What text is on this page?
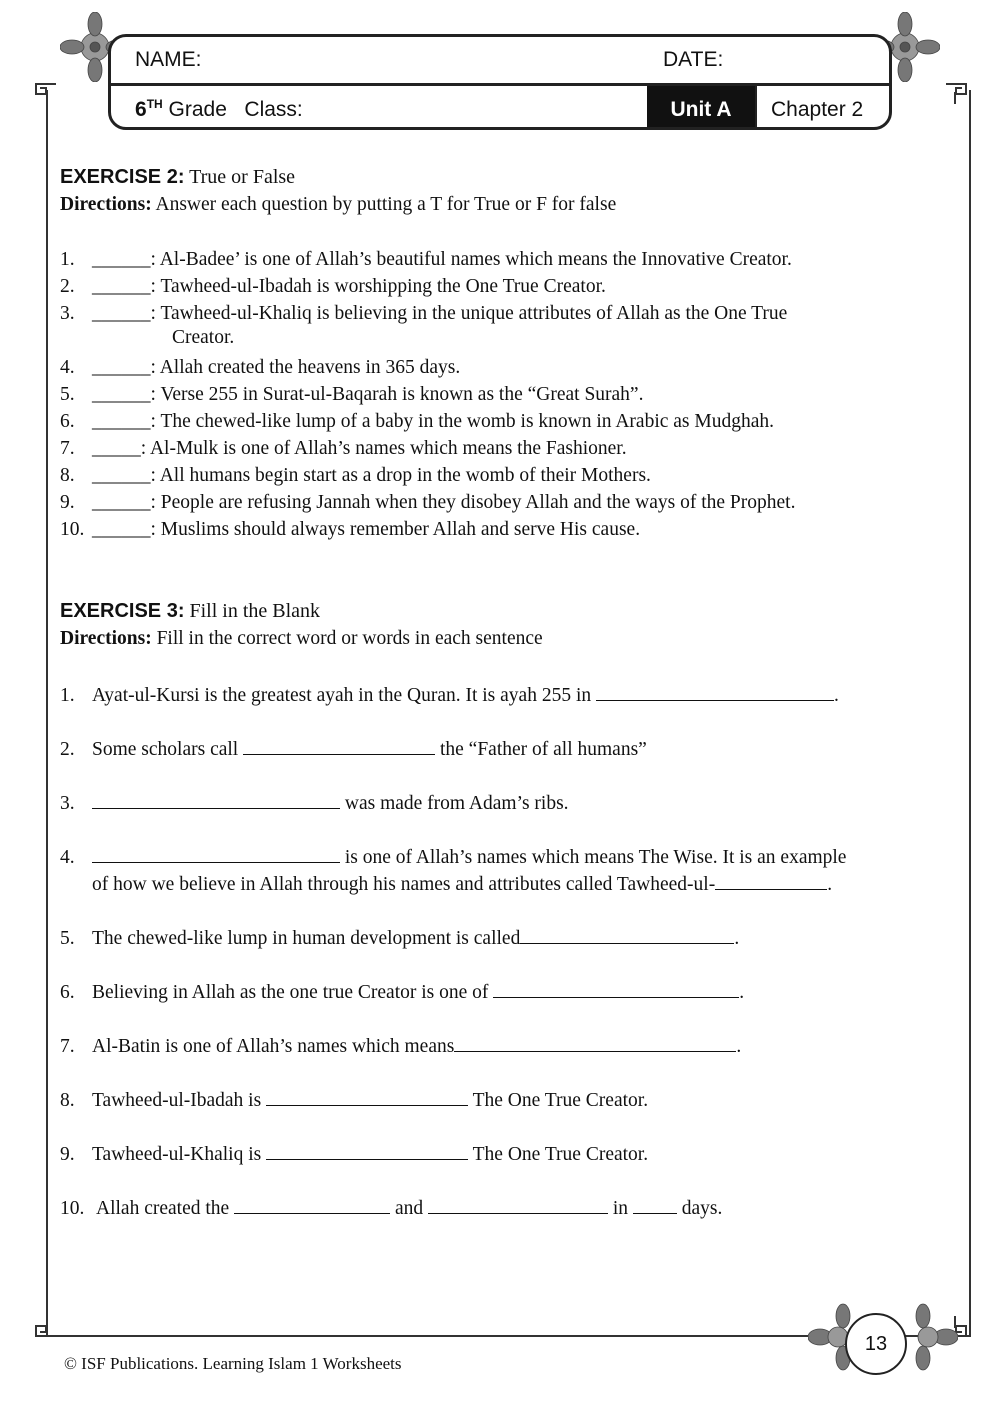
NAME:	DATE:
6TH Grade Class:	Unit A	Chapter 2
EXERCISE 2: True or False
Directions: Answer each question by putting a T for True or F for false
1. ______: Al-Badee’ is one of Allah’s beautiful names which means the Innovative Creator.
2. ______: Tawheed-ul-Ibadah is worshipping the One True Creator.
3. ______: Tawheed-ul-Khaliq is believing in the unique attributes of Allah as the One True
Creator.
4. ______: Allah created the heavens in 365 days.
5. ______: Verse 255 in Surat-ul-Baqarah is known as the “Great Surah”.
6. ______: The chewed-like lump of a baby in the womb is known in Arabic as Mudghah.
7. _____: Al-Mulk is one of Allah’s names which means the Fashioner.
8. ______: All humans begin start as a drop in the womb of their Mothers.
9. ______: People are refusing Jannah when they disobey Allah and the ways of the Prophet.
10. ______: Muslims should always remember Allah and serve His cause.
EXERCISE 3: Fill in the Blank
Directions: Fill in the correct word or words in each sentence
1. Ayat-ul-Kursi is the greatest ayah in the Quran. It is ayah 255 in	.
2. Some scholars call	the “Father of all humans”
3.	was made from Adam’s ribs.
4.	is one of Allah’s names which means The Wise. It is an example
of how we believe in Allah through his names and attributes called Tawheed-ul-	.
5. The chewed-like lump in human development is called	.
6. Believing in Allah as the one true Creator is one of	.
7. Al-Batin is one of Allah’s names which means	.
8. Tawheed-ul-Ibadah is	The One True Creator.
9. Tawheed-ul-Khaliq is	The One True Creator.
10. Allah created the	and	in	days.
13
© ISF Publications. Learning Islam 1 Worksheets
